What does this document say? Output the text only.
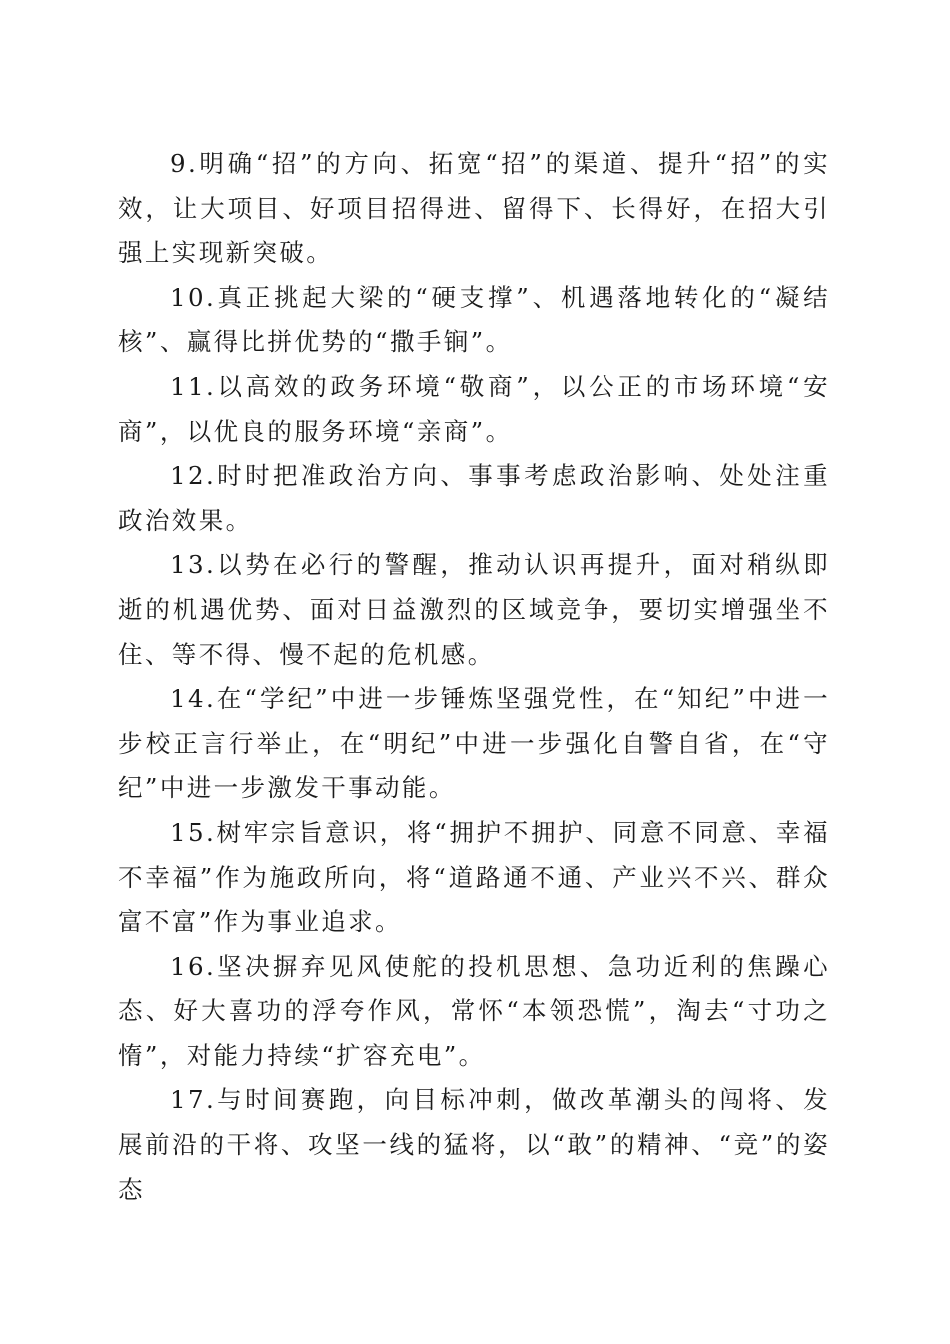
9.明确“招”的方向、拓宽“招”的渠道、提升“招”的实效，让大项目、好项目招得进、留得下、长得好，在招大引强上实现新突破。

10.真正挑起大梁的“硬支撑”、机遇落地转化的“凝结核”、赢得比拼优势的“撒手锏”。

11.以高效的政务环境“敬商”，以公正的市场环境“安商”，以优良的服务环境“亲商”。

12.时时把准政治方向、事事考虑政治影响、处处注重政治效果。

13.以势在必行的警醒，推动认识再提升，面对稍纵即逝的机遇优势、面对日益激烈的区域竞争，要切实增强坐不住、等不得、慢不起的危机感。

14.在“学纪”中进一步锤炼坚强党性，在“知纪”中进一步校正言行举止，在“明纪”中进一步强化自警自省，在“守纪”中进一步激发干事动能。

15.树牢宗旨意识，将“拥护不拥护、同意不同意、幸福不幸福”作为施政所向，将“道路通不通、产业兴不兴、群众富不富”作为事业追求。

16.坚决摒弃见风使舵的投机思想、急功近利的焦躁心态、好大喜功的浮夸作风，常怀“本领恐慌”，淘去“寸功之惰”，对能力持续“扩容充电”。

17.与时间赛跑，向目标冲刺，做改革潮头的闯将、发展前沿的干将、攻坚一线的猛将，以“敢”的精神、“竞”的姿态
